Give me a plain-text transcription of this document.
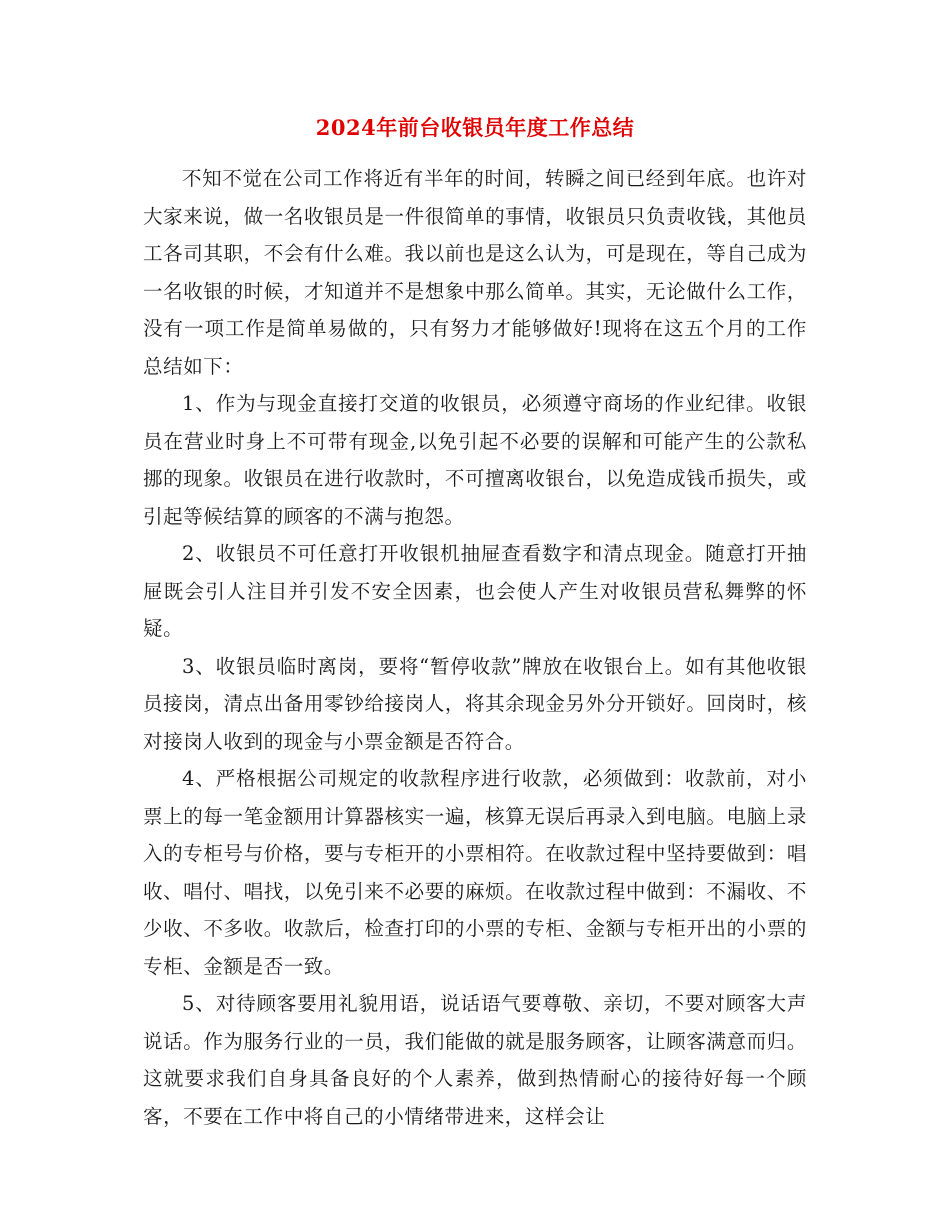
2024年前台收银员年度工作总结

不知不觉在公司工作将近有半年的时间，转瞬之间已经到年底。也许对大家来说，做一名收银员是一件很简单的事情，收银员只负责收钱，其他员工各司其职，不会有什么难。我以前也是这么认为，可是现在，等自己成为一名收银的时候，才知道并不是想象中那么简单。其实，无论做什么工作，没有一项工作是简单易做的，只有努力才能够做好!现将在这五个月的工作总结如下：

1、作为与现金直接打交道的收银员，必须遵守商场的作业纪律。收银员在营业时身上不可带有现金,以免引起不必要的误解和可能产生的公款私挪的现象。收银员在进行收款时，不可擅离收银台，以免造成钱币损失，或引起等候结算的顾客的不满与抱怨。

2、收银员不可任意打开收银机抽屉查看数字和清点现金。随意打开抽屉既会引人注目并引发不安全因素，也会使人产生对收银员营私舞弊的怀疑。

3、收银员临时离岗，要将“暂停收款”牌放在收银台上。如有其他收银员接岗，清点出备用零钞给接岗人，将其余现金另外分开锁好。回岗时，核对接岗人收到的现金与小票金额是否符合。

4、严格根据公司规定的收款程序进行收款，必须做到：收款前，对小票上的每一笔金额用计算器核实一遍，核算无误后再录入到电脑。电脑上录入的专柜号与价格，要与专柜开的小票相符。在收款过程中坚持要做到：唱收、唱付、唱找，以免引来不必要的麻烦。在收款过程中做到：不漏收、不少收、不多收。收款后，检查打印的小票的专柜、金额与专柜开出的小票的专柜、金额是否一致。

5、对待顾客要用礼貌用语，说话语气要尊敬、亲切，不要对顾客大声说话。作为服务行业的一员，我们能做的就是服务顾客，让顾客满意而归。这就要求我们自身具备良好的个人素养，做到热情耐心的接待好每一个顾客，不要在工作中将自己的小情绪带进来，这样会让
